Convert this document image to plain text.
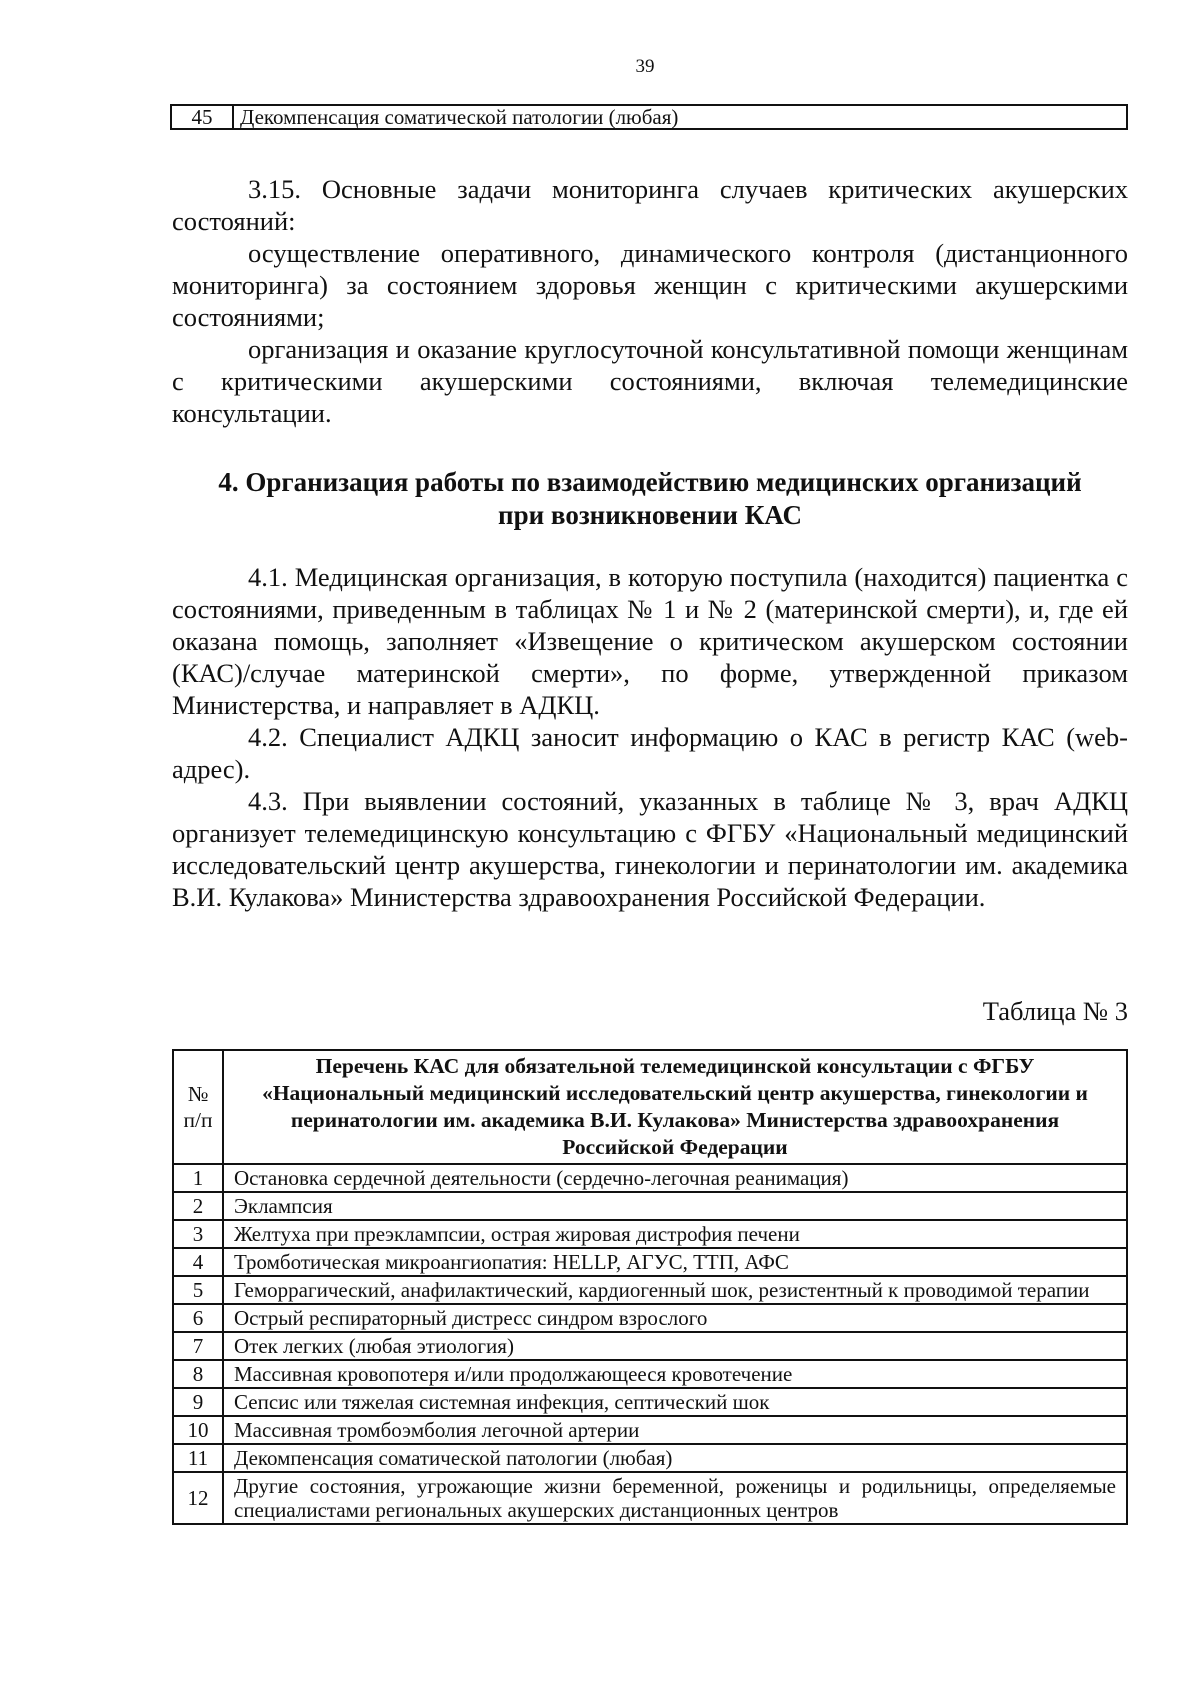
39
45	Декомпенсация соматической патологии (любая)

3.15. Основные задачи мониторинга случаев критических акушерских состояний:

осуществление оперативного, динамического контроля (дистанционного мониторинга) за состоянием здоровья женщин с критическими акушерскими состояниями;

организация и оказание круглосуточной консультативной помощи женщинам с критическими акушерскими состояниями, включая телемедицинские консультации.

4. Организация работы по взаимодействию медицинских организаций
при возникновении КАС

4.1. Медицинская организация, в которую поступила (находится) пациентка с состояниями, приведенным в таблицах № 1 и № 2 (материнской смерти), и, где ей оказана помощь, заполняет «Извещение о критическом акушерском состоянии (КАС)/случае материнской смерти», по форме, утвержденной приказом Министерства, и направляет в АДКЦ.

4.2. Специалист АДКЦ заносит информацию о КАС в регистр КАС (web-адрес).

4.3. При выявлении состояний, указанных в таблице № 3, врач АДКЦ организует телемедицинскую консультацию с ФГБУ «Национальный медицинский исследовательский центр акушерства, гинекологии и перинатологии им. академика В.И. Кулакова» Министерства здравоохранения Российской Федерации.

Таблица № 3
№
п/п	Перечень КАС для обязательной телемедицинской консультации с ФГБУ «Национальный медицинский исследовательский центр акушерства, гинекологии и перинатологии им. академика В.И. Кулакова» Министерства здравоохранения Российской Федерации
1	Остановка сердечной деятельности (сердечно-легочная реанимация)
2	Эклампсия
3	Желтуха при преэклампсии, острая жировая дистрофия печени
4	Тромботическая микроангиопатия: HELLP, АГУС, ТТП, АФС
5	Геморрагический, анафилактический, кардиогенный шок, резистентный к проводимой терапии
6	Острый респираторный дистресс синдром взрослого
7	Отек легких (любая этиология)
8	Массивная кровопотеря и/или продолжающееся кровотечение
9	Сепсис или тяжелая системная инфекция, септический шок
10	Массивная тромбоэмболия легочной артерии
11	Декомпенсация соматической патологии (любая)
12	Другие состояния, угрожающие жизни беременной, роженицы и родильницы, определяемые специалистами региональных акушерских дистанционных центров
